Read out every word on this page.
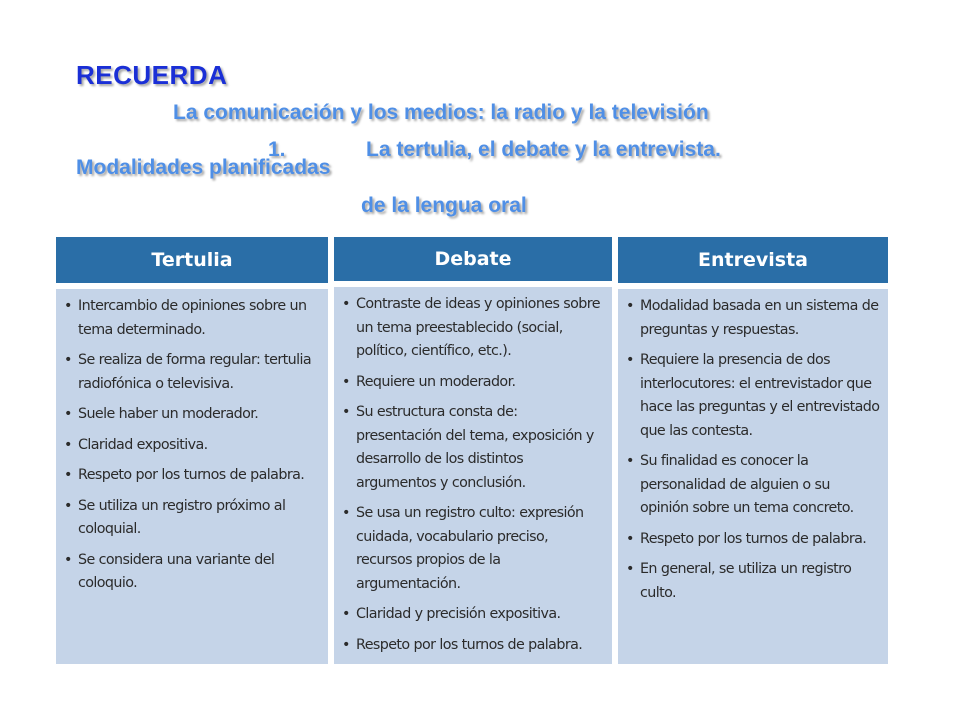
RECUERDA
La comunicación y los medios: la radio y la televisión
1.	La tertulia, el debate y la entrevista.
Modalidades planificadas
de la lengua oral
Tertulia
• Intercambio de opiniones sobre un tema determinado.
• Se realiza de forma regular: tertulia radiofónica o televisiva.
• Suele haber un moderador.
• Claridad expositiva.
• Respeto por los turnos de palabra.
• Se utiliza un registro próximo al coloquial.
• Se considera una variante del coloquio.
Debate
• Contraste de ideas y opiniones sobre un tema preestablecido (social, político, científico, etc.).
• Requiere un moderador.
• Su estructura consta de: presentación del tema, exposición y desarrollo de los distintos argumentos y conclusión.
• Se usa un registro culto: expresión cuidada, vocabulario preciso, recursos propios de la argumentación.
• Claridad y precisión expositiva.
• Respeto por los turnos de palabra.
Entrevista
• Modalidad basada en un sistema de preguntas y respuestas.
• Requiere la presencia de dos interlocutores: el entrevistador que hace las preguntas y el entrevistado que las contesta.
• Su finalidad es conocer la personalidad de alguien o su opinión sobre un tema concreto.
• Respeto por los turnos de palabra.
• En general, se utiliza un registro culto.
